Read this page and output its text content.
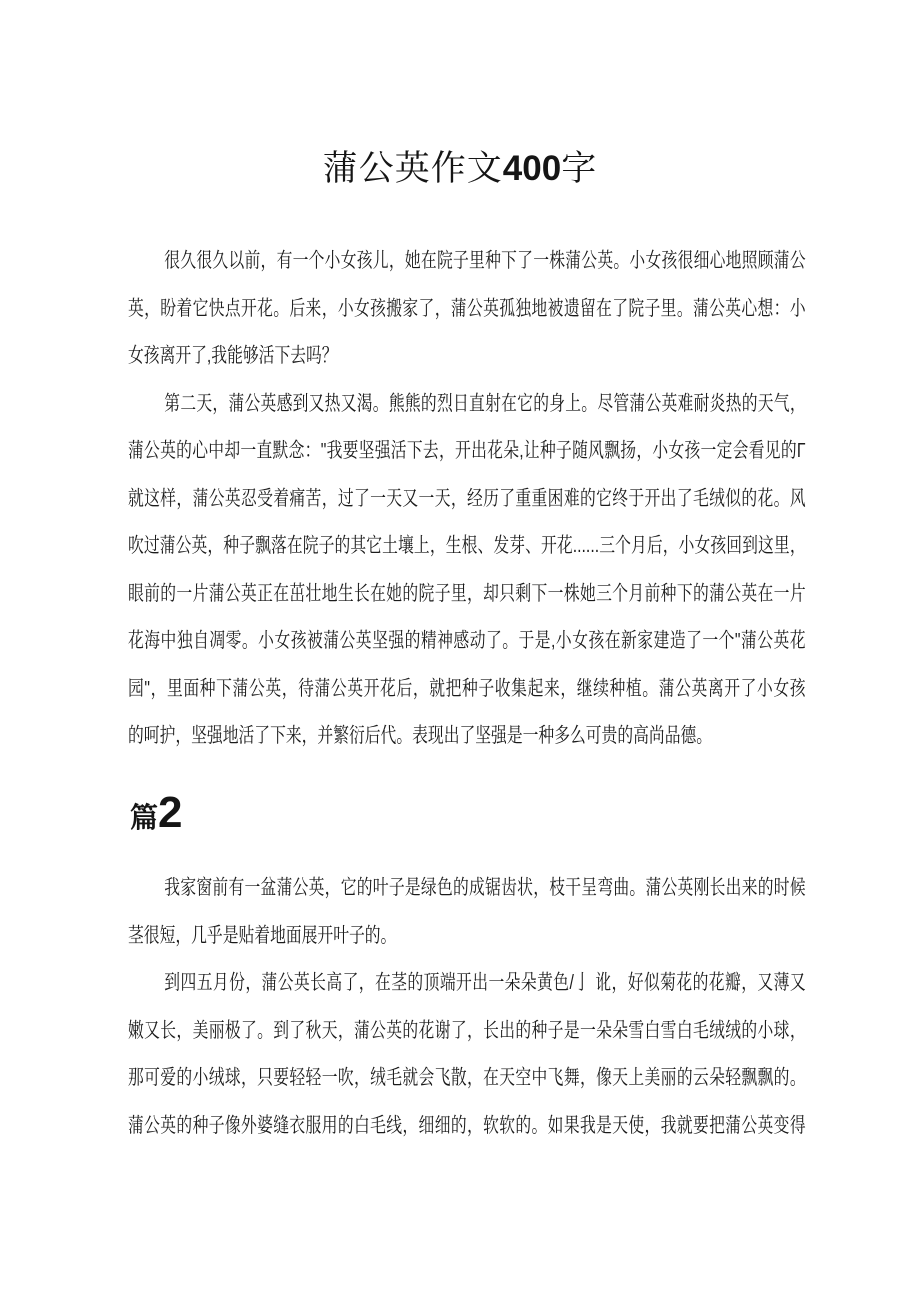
蒲公英作文400字
很久很久以前，有一个小女孩儿，她在院子里种下了一株蒲公英。小女孩很细心地照顾蒲公
英，盼着它快点开花。后来，小女孩搬家了，蒲公英孤独地被遗留在了院子里。蒲公英心想：小
女孩离开了,我能够活下去吗？
第二天，蒲公英感到又热又渴。熊熊的烈日直射在它的身上。尽管蒲公英难耐炎热的天气，
蒲公英的心中却一直默念："我要坚强活下去，开出花朵,让种子随风飘扬，小女孩一定会看见的Γ
就这样，蒲公英忍受着痛苦，过了一天又一天，经历了重重困难的它终于开出了毛绒似的花。风
吹过蒲公英，种子飘落在院子的其它土壤上，生根、发芽、开花......三个月后，小女孩回到这里，
眼前的一片蒲公英正在茁壮地生长在她的院子里，却只剩下一株她三个月前种下的蒲公英在一片
花海中独自凋零。小女孩被蒲公英坚强的精神感动了。于是,小女孩在新家建造了一个"蒲公英花
园"，里面种下蒲公英，待蒲公英开花后，就把种子收集起来，继续种植。蒲公英离开了小女孩
的呵护，坚强地活了下来，并繁衍后代。表现出了坚强是一种多么可贵的高尚品德。
篇2
我家窗前有一盆蒲公英，它的叶子是绿色的成锯齿状，枝干呈弯曲。蒲公英刚长出来的时候
茎很短，几乎是贴着地面展开叶子的。
到四五月份，蒲公英长高了，在茎的顶端开出一朵朵黄色/亅 讹，好似菊花的花瓣，又薄又
嫩又长，美丽极了。到了秋天，蒲公英的花谢了，长出的种子是一朵朵雪白雪白毛绒绒的小球，
那可爱的小绒球，只要轻轻一吹，绒毛就会飞散，在天空中飞舞，像天上美丽的云朵轻飘飘的。
蒲公英的种子像外婆缝衣服用的白毛线，细细的，软软的。如果我是天使，我就要把蒲公英变得
